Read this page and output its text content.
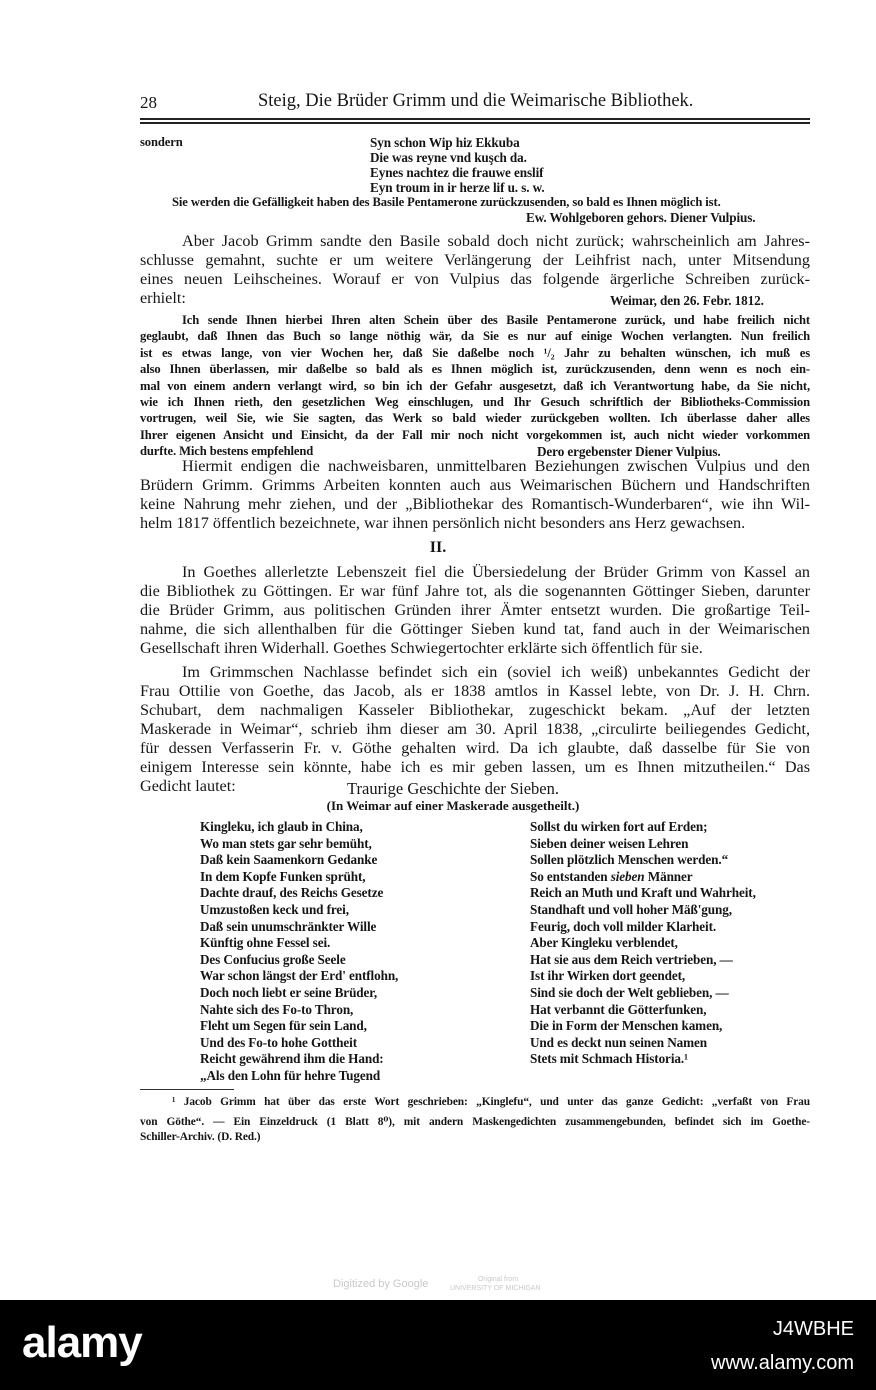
28	Steig, Die Brüder Grimm und die Weimarische Bibliothek.
sondern	Syn schon Wip hiz Ekkuba
Die was reyne vnd kuşch da.
Eynes nachtez die frauwe enslif
Eyn troum in ir herze lif u. s. w.
Sie werden die Gefälligkeit haben des Basile Pentamerone zurückzusenden, so bald es Ihnen möglich ist.
Ew. Wohlgeboren gehors. Diener Vulpius.
Aber Jacob Grimm sandte den Basile sobald doch nicht zurück; wahrscheinlich am Jahres-
schlusse gemahnt, suchte er um weitere Verlängerung der Leihfrist nach, unter Mitsendung
eines neuen Leihscheines. Worauf er von Vulpius das folgende ärgerliche Schreiben zurück-
erhielt:	Weimar, den 26. Febr. 1812.
Ich sende Ihnen hierbei Ihren alten Schein über des Basile Pentamerone zurück, und habe freilich nicht
geglaubt, daß Ihnen das Buch so lange nöthig wär, da Sie es nur auf einige Wochen verlangten. Nun freilich
ist es etwas lange, von vier Wochen her, daß Sie daßelbe noch ¹/₂ Jahr zu behalten wünschen, ich muß es
also Ihnen überlassen, mir daßelbe so bald als es Ihnen möglich ist, zurückzusenden, denn wenn es noch ein-
mal von einem andern verlangt wird, so bin ich der Gefahr ausgesetzt, daß ich Verantwortung habe, da Sie nicht,
wie ich Ihnen rieth, den gesetzlichen Weg einschlugen, und Ihr Gesuch schriftlich der Bibliotheks-Commission
vortrugen, weil Sie, wie Sie sagten, das Werk so bald wieder zurückgeben wollten. Ich überlasse daher alles
Ihrer eigenen Ansicht und Einsicht, da der Fall mir noch nicht vorgekommen ist, auch nicht wieder vorkommen
durfte. Mich bestens empfehlend	Dero ergebenster Diener Vulpius.
Hiermit endigen die nachweisbaren, unmittelbaren Beziehungen zwischen Vulpius und den
Brüdern Grimm. Grimms Arbeiten konnten auch aus Weimarischen Büchern und Handschriften
keine Nahrung mehr ziehen, und der „Bibliothekar des Romantisch-Wunderbaren“, wie ihn Wil-
helm 1817 öffentlich bezeichnete, war ihnen persönlich nicht besonders ans Herz gewachsen.
In Goethes allerletzte Lebenszeit fiel die Übersiedelung der Brüder Grimm von Kassel an
die Bibliothek zu Göttingen. Er war fünf Jahre tot, als die sogenannten Göttinger Sieben, darunter
die Brüder Grimm, aus politischen Gründen ihrer Ämter entsetzt wurden. Die großartige Teil-
nahme, die sich allenthalben für die Göttinger Sieben kund tat, fand auch in der Weimarischen
Gesellschaft ihren Widerhall. Goethes Schwiegertochter erklärte sich öffentlich für sie.
Im Grimmschen Nachlasse befindet sich ein (soviel ich weiß) unbekanntes Gedicht der
Frau Ottilie von Goethe, das Jacob, als er 1838 amtlos in Kassel lebte, von Dr. J. H. Chrn.
Schubart, dem nachmaligen Kasseler Bibliothekar, zugeschickt bekam. „Auf der letzten
Maskerade in Weimar“, schrieb ihm dieser am 30. April 1838, „circulirte beiliegendes Gedicht,
für dessen Verfasserin Fr. v. Göthe gehalten wird. Da ich glaubte, daß dasselbe für Sie von
einigem Interesse sein könnte, habe ich es mir geben lassen, um es Ihnen mitzutheilen.“ Das
Gedicht lautet:
Kingleku, ich glaub in China,
Wo man stets gar sehr bemüht,
Daß kein Saamenkorn Gedanke
In dem Kopfe Funken sprüht,
Dachte drauf, des Reichs Gesetze
Umzustoßen keck und frei,
Daß sein unumschränkter Wille
Künftig ohne Fessel sei.
Des Confucius große Seele
War schon längst der Erd' entflohn,
Doch noch liebt er seine Brüder,
Nahte sich des Fo-to Thron,
Fleht um Segen für sein Land,
Und des Fo-to hohe Gottheit
Reicht gewährend ihm die Hand:
„Als den Lohn für hehre Tugend
Sollst du wirken fort auf Erden;
Sieben deiner weisen Lehren
Sollen plötzlich Menschen werden.“
So entstanden sieben Männer
Reich an Muth und Kraft und Wahrheit,
Standhaft und voll hoher Mäß'gung,
Feurig, doch voll milder Klarheit.
Aber Kingleku verblendet,
Hat sie aus dem Reich vertrieben, —
Ist ihr Wirken dort geendet,
Sind sie doch der Welt geblieben, —
Hat verbannt die Götterfunken,
Die in Form der Menschen kamen,
Und es deckt nun seinen Namen
Stets mit Schmach Historia.¹
¹ Jacob Grimm hat über das erste Wort geschrieben: „Kinglefu“, und unter das ganze Gedicht: „verfaßt von Frau
von Göthe“. — Ein Einzeldruck (1 Blatt 8⁰), mit andern Maskengedichten zusammengebunden, befindet sich im Goethe-
Schiller-Archiv. (D. Red.)
II.
Traurige Geschichte der Sieben.
(In Weimar auf einer Maskerade ausgetheilt.)
Digitized by Google	Original from
UNIVERSITY OF MICHIGAN
alamy	J4WBHE
www.alamy.com
